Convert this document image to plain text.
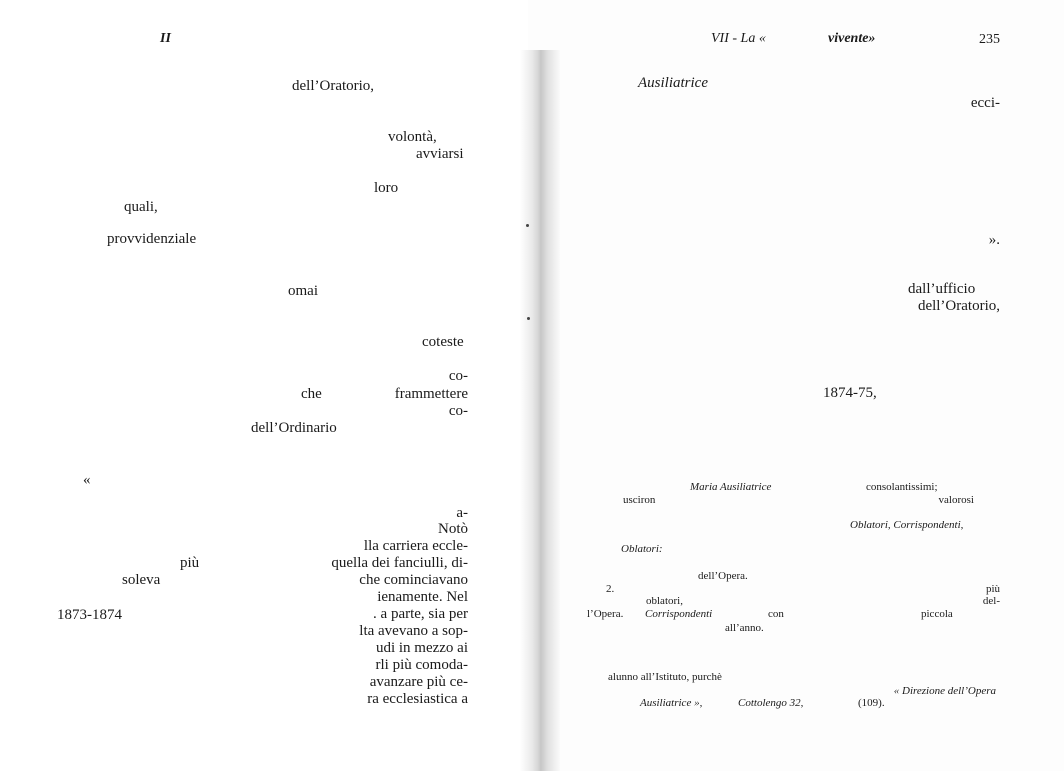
II
dell’Oratorio,
volontà,
avviarsi
loro
quali,
provvidenziale
omai
coteste
co-
che	frammettere
co-
dell’Ordinario
«
a-
Notò
lla carriera eccle-
più	quella dei fanciulli, di-
soleva	che cominciavano
ienamente. Nel
1873-1874	. a parte, sia per
lta avevano a sop-
udi in mezzo ai
rli più comoda-
avanzare più ce-
ra ecclesiastica a
VII - La «	vivente»	235
Ausiliatrice
ecci-
».
dall’ufficio
dell’Oratorio,
1874-75,
Maria Ausiliatrice	consolantissimi;
usciron	valorosi
Oblatori, Corrispondenti,
Oblatori:
dell’Opera.
2.	più
oblatori,	del-
l’Opera. Corrispondenti	con	piccola
all’anno.
alunno all’Istituto, purchè
« Direzione dell’Opera
Ausiliatrice »,	Cottolengo 32,	(109).
